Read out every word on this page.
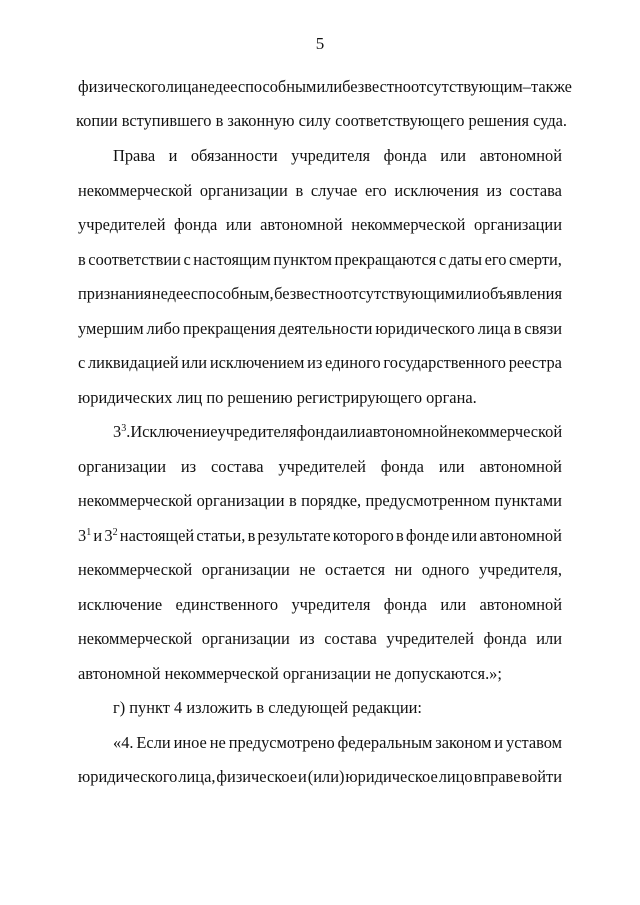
5
физического лица недееспособным или безвестно отсутствующим – также
копии вступившего в законную силу соответствующего решения суда.
Права и обязанности учредителя фонда или автономной
некоммерческой организации в случае его исключения из состава
учредителей фонда или автономной некоммерческой организации
в соответствии с настоящим пунктом прекращаются с даты его смерти,
признания недееспособным, безвестно отсутствующим или объявления
умершим либо прекращения деятельности юридического лица в связи
с ликвидацией или исключением из единого государственного реестра
юридических лиц по решению регистрирующего органа.
$3^3$. Исключение учредителя фонда или автономной некоммерческой
организации из состава учредителей фонда или автономной
некоммерческой организации в порядке, предусмотренном пунктами
$3^1$ и $3^2$ настоящей статьи, в результате которого в фонде или автономной
некоммерческой организации не остается ни одного учредителя,
исключение единственного учредителя фонда или автономной
некоммерческой организации из состава учредителей фонда или
автономной некоммерческой организации не допускаются.»;
г) пункт 4 изложить в следующей редакции:
«4. Если иное не предусмотрено федеральным законом и уставом
юридического лица, физическое и (или) юридическое лицо вправе войти
